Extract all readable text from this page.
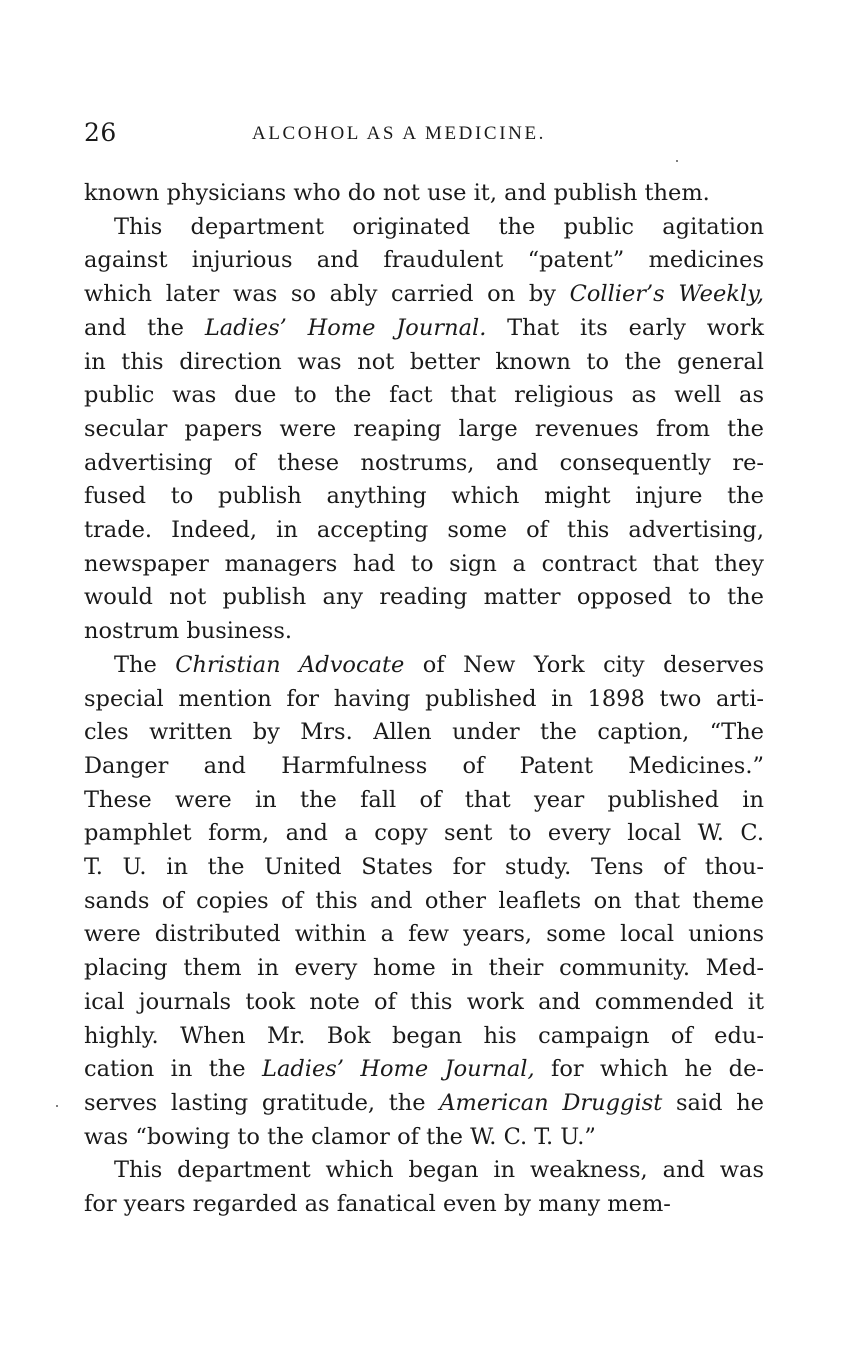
26	ALCOHOL AS A MEDICINE.
known physicians who do not use it, and publish them.
This department originated the public agitation
against injurious and fraudulent “patent” medicines
which later was so ably carried on by Collier’s Weekly,
and the Ladies’ Home Journal. That its early work
in this direction was not better known to the general
public was due to the fact that religious as well as
secular papers were reaping large revenues from the
advertising of these nostrums, and consequently re-
fused to publish anything which might injure the
trade. Indeed, in accepting some of this advertising,
newspaper managers had to sign a contract that they
would not publish any reading matter opposed to the
nostrum business.
The Christian Advocate of New York city deserves
special mention for having published in 1898 two arti-
cles written by Mrs. Allen under the caption, “The
Danger and Harmfulness of Patent Medicines.”
These were in the fall of that year published in
pamphlet form, and a copy sent to every local W. C.
T. U. in the United States for study. Tens of thou-
sands of copies of this and other leaflets on that theme
were distributed within a few years, some local unions
placing them in every home in their community. Med-
ical journals took note of this work and commended it
highly. When Mr. Bok began his campaign of edu-
cation in the Ladies’ Home Journal, for which he de-
serves lasting gratitude, the American Druggist said he
was “bowing to the clamor of the W. C. T. U.”
This department which began in weakness, and was
for years regarded as fanatical even by many mem-
